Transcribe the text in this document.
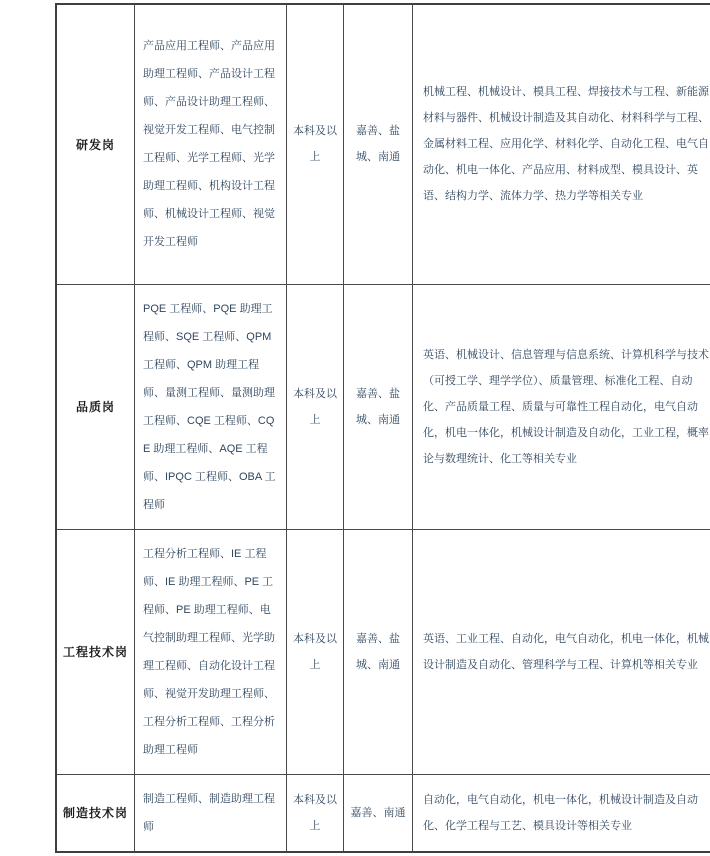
研发岗	产品应用工程师、产品应用助理工程师、产品设计工程师、产品设计助理工程师、视觉开发工程师、电气控制工程师、光学工程师、光学助理工程师、机构设计工程师、机械设计工程师、视觉开发工程师	本科及以上	嘉善、盐城、南通	机械工程、机械设计、模具工程、焊接技术与工程、新能源材料与器件、机械设计制造及其自动化、材料科学与工程、金属材料工程、应用化学、材料化学、自动化工程、电气自动化、机电一体化、产品应用、材料成型、模具设计、英语、结构力学、流体力学、热力学等相关专业
品质岗	PQE 工程师、PQE 助理工程师、SQE 工程师、QPM 工程师、QPM 助理工程师、量测工程师、量测助理工程师、CQE 工程师、CQE 助理工程师、AQE 工程师、IPQC 工程师、OBA 工程师	本科及以上	嘉善、盐城、南通	英语、机械设计、信息管理与信息系统、计算机科学与技术（可授工学、理学学位）、质量管理、标准化工程、自动化、产品质量工程、质量与可靠性工程自动化，电气自动化，机电一体化，机械设计制造及自动化，工业工程，概率论与数理统计、化工等相关专业
工程技术岗	工程分析工程师、IE 工程师、IE 助理工程师、PE 工程师、PE 助理工程师、电气控制助理工程师、光学助理工程师、自动化设计工程师、视觉开发助理工程师、工程分析工程师、工程分析助理工程师	本科及以上	嘉善、盐城、南通	英语、工业工程、自动化，电气自动化，机电一体化，机械设计制造及自动化、管理科学与工程、计算机等相关专业
制造技术岗	制造工程师、制造助理工程师	本科及以上	嘉善、南通	自动化，电气自动化，机电一体化，机械设计制造及自动化、化学工程与工艺、模具设计等相关专业
